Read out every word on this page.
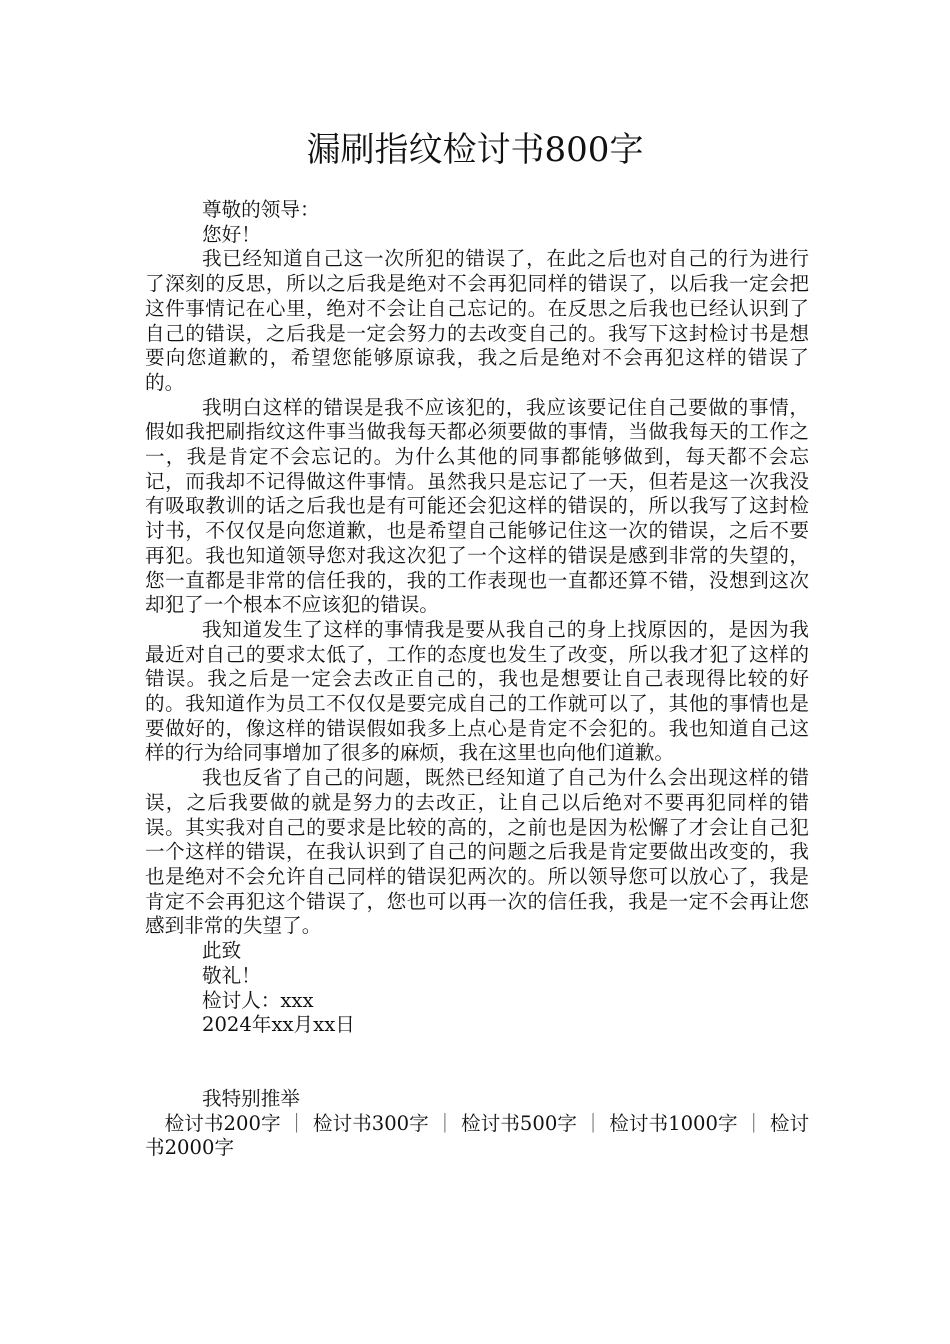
漏刷指纹检讨书800字

尊敬的领导：

您好！

我已经知道自己这一次所犯的错误了，在此之后也对自己的行为进行了深刻的反思，所以之后我是绝对不会再犯同样的错误了，以后我一定会把这件事情记在心里，绝对不会让自己忘记的。在反思之后我也已经认识到了自己的错误，之后我是一定会努力的去改变自己的。我写下这封检讨书是想要向您道歉的，希望您能够原谅我，我之后是绝对不会再犯这样的错误了的。

我明白这样的错误是我不应该犯的，我应该要记住自己要做的事情，假如我把刷指纹这件事当做我每天都必须要做的事情，当做我每天的工作之一，我是肯定不会忘记的。为什么其他的同事都能够做到，每天都不会忘记，而我却不记得做这件事情。虽然我只是忘记了一天，但若是这一次我没有吸取教训的话之后我也是有可能还会犯这样的错误的，所以我写了这封检讨书，不仅仅是向您道歉，也是希望自己能够记住这一次的错误，之后不要再犯。我也知道领导您对我这次犯了一个这样的错误是感到非常的失望的，您一直都是非常的信任我的，我的工作表现也一直都还算不错，没想到这次却犯了一个根本不应该犯的错误。

我知道发生了这样的事情我是要从我自己的身上找原因的，是因为我最近对自己的要求太低了，工作的态度也发生了改变，所以我才犯了这样的错误。我之后是一定会去改正自己的，我也是想要让自己表现得比较的好的。我知道作为员工不仅仅是要完成自己的工作就可以了，其他的事情也是要做好的，像这样的错误假如我多上点心是肯定不会犯的。我也知道自己这样的行为给同事增加了很多的麻烦，我在这里也向他们道歉。

我也反省了自己的问题，既然已经知道了自己为什么会出现这样的错误，之后我要做的就是努力的去改正，让自己以后绝对不要再犯同样的错误。其实我对自己的要求是比较的高的，之前也是因为松懈了才会让自己犯一个这样的错误，在我认识到了自己的问题之后我是肯定要做出改变的，我也是绝对不会允许自己同样的错误犯两次的。所以领导您可以放心了，我是肯定不会再犯这个错误了，您也可以再一次的信任我，我是一定不会再让您感到非常的失望了。

此致

敬礼！

检讨人：xxx

2024年xx月xx日

我特别推举

 检讨书200字 ｜ 检讨书300字 ｜ 检讨书500字 ｜ 检讨书1000字 ｜ 检讨书2000字
